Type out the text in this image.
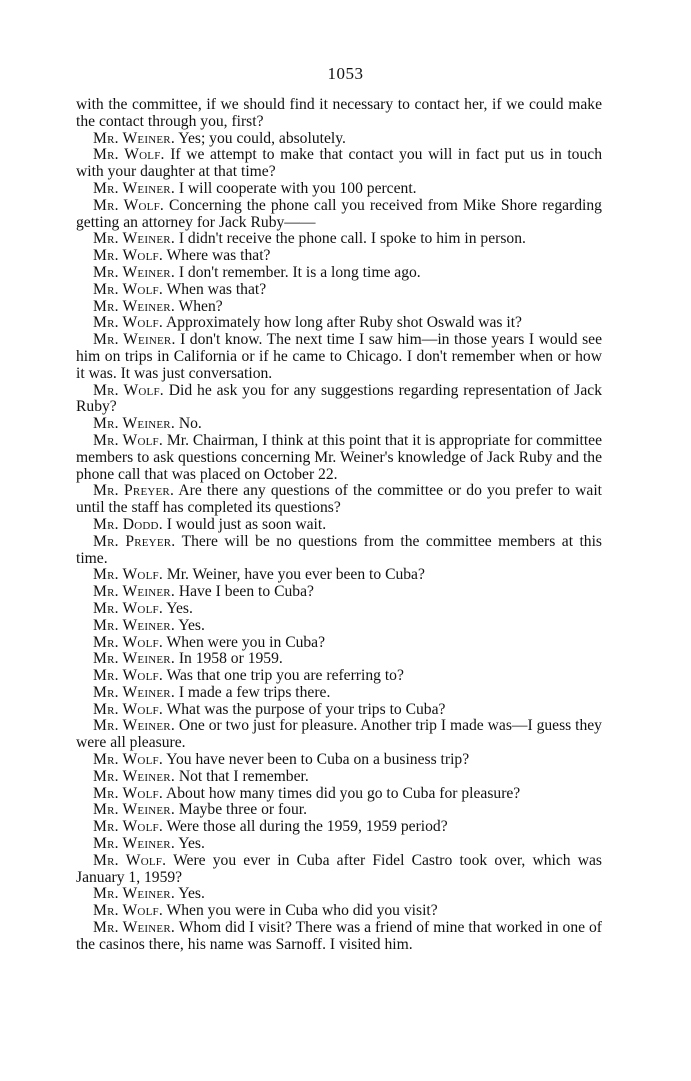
1053

with the committee, if we should find it necessary to contact her, if we could make the contact through you, first?

Mr. Weiner. Yes; you could, absolutely.

Mr. Wolf. If we attempt to make that contact you will in fact put us in touch with your daughter at that time?

Mr. Weiner. I will cooperate with you 100 percent.

Mr. Wolf. Concerning the phone call you received from Mike Shore regarding getting an attorney for Jack Ruby——

Mr. Weiner. I didn't receive the phone call. I spoke to him in person.

Mr. Wolf. Where was that?

Mr. Weiner. I don't remember. It is a long time ago.

Mr. Wolf. When was that?

Mr. Weiner. When?

Mr. Wolf. Approximately how long after Ruby shot Oswald was it?

Mr. Weiner. I don't know. The next time I saw him—in those years I would see him on trips in California or if he came to Chicago. I don't remember when or how it was. It was just conversation.

Mr. Wolf. Did he ask you for any suggestions regarding representation of Jack Ruby?

Mr. Weiner. No.

Mr. Wolf. Mr. Chairman, I think at this point that it is appropriate for committee members to ask questions concerning Mr. Weiner's knowledge of Jack Ruby and the phone call that was placed on October 22.

Mr. Preyer. Are there any questions of the committee or do you prefer to wait until the staff has completed its questions?

Mr. Dodd. I would just as soon wait.

Mr. Preyer. There will be no questions from the committee members at this time.

Mr. Wolf. Mr. Weiner, have you ever been to Cuba?

Mr. Weiner. Have I been to Cuba?

Mr. Wolf. Yes.

Mr. Weiner. Yes.

Mr. Wolf. When were you in Cuba?

Mr. Weiner. In 1958 or 1959.

Mr. Wolf. Was that one trip you are referring to?

Mr. Weiner. I made a few trips there.

Mr. Wolf. What was the purpose of your trips to Cuba?

Mr. Weiner. One or two just for pleasure. Another trip I made was—I guess they were all pleasure.

Mr. Wolf. You have never been to Cuba on a business trip?

Mr. Weiner. Not that I remember.

Mr. Wolf. About how many times did you go to Cuba for pleasure?

Mr. Weiner. Maybe three or four.

Mr. Wolf. Were those all during the 1959, 1959 period?

Mr. Weiner. Yes.

Mr. Wolf. Were you ever in Cuba after Fidel Castro took over, which was January 1, 1959?

Mr. Weiner. Yes.

Mr. Wolf. When you were in Cuba who did you visit?

Mr. Weiner. Whom did I visit? There was a friend of mine that worked in one of the casinos there, his name was Sarnoff. I visited him.
